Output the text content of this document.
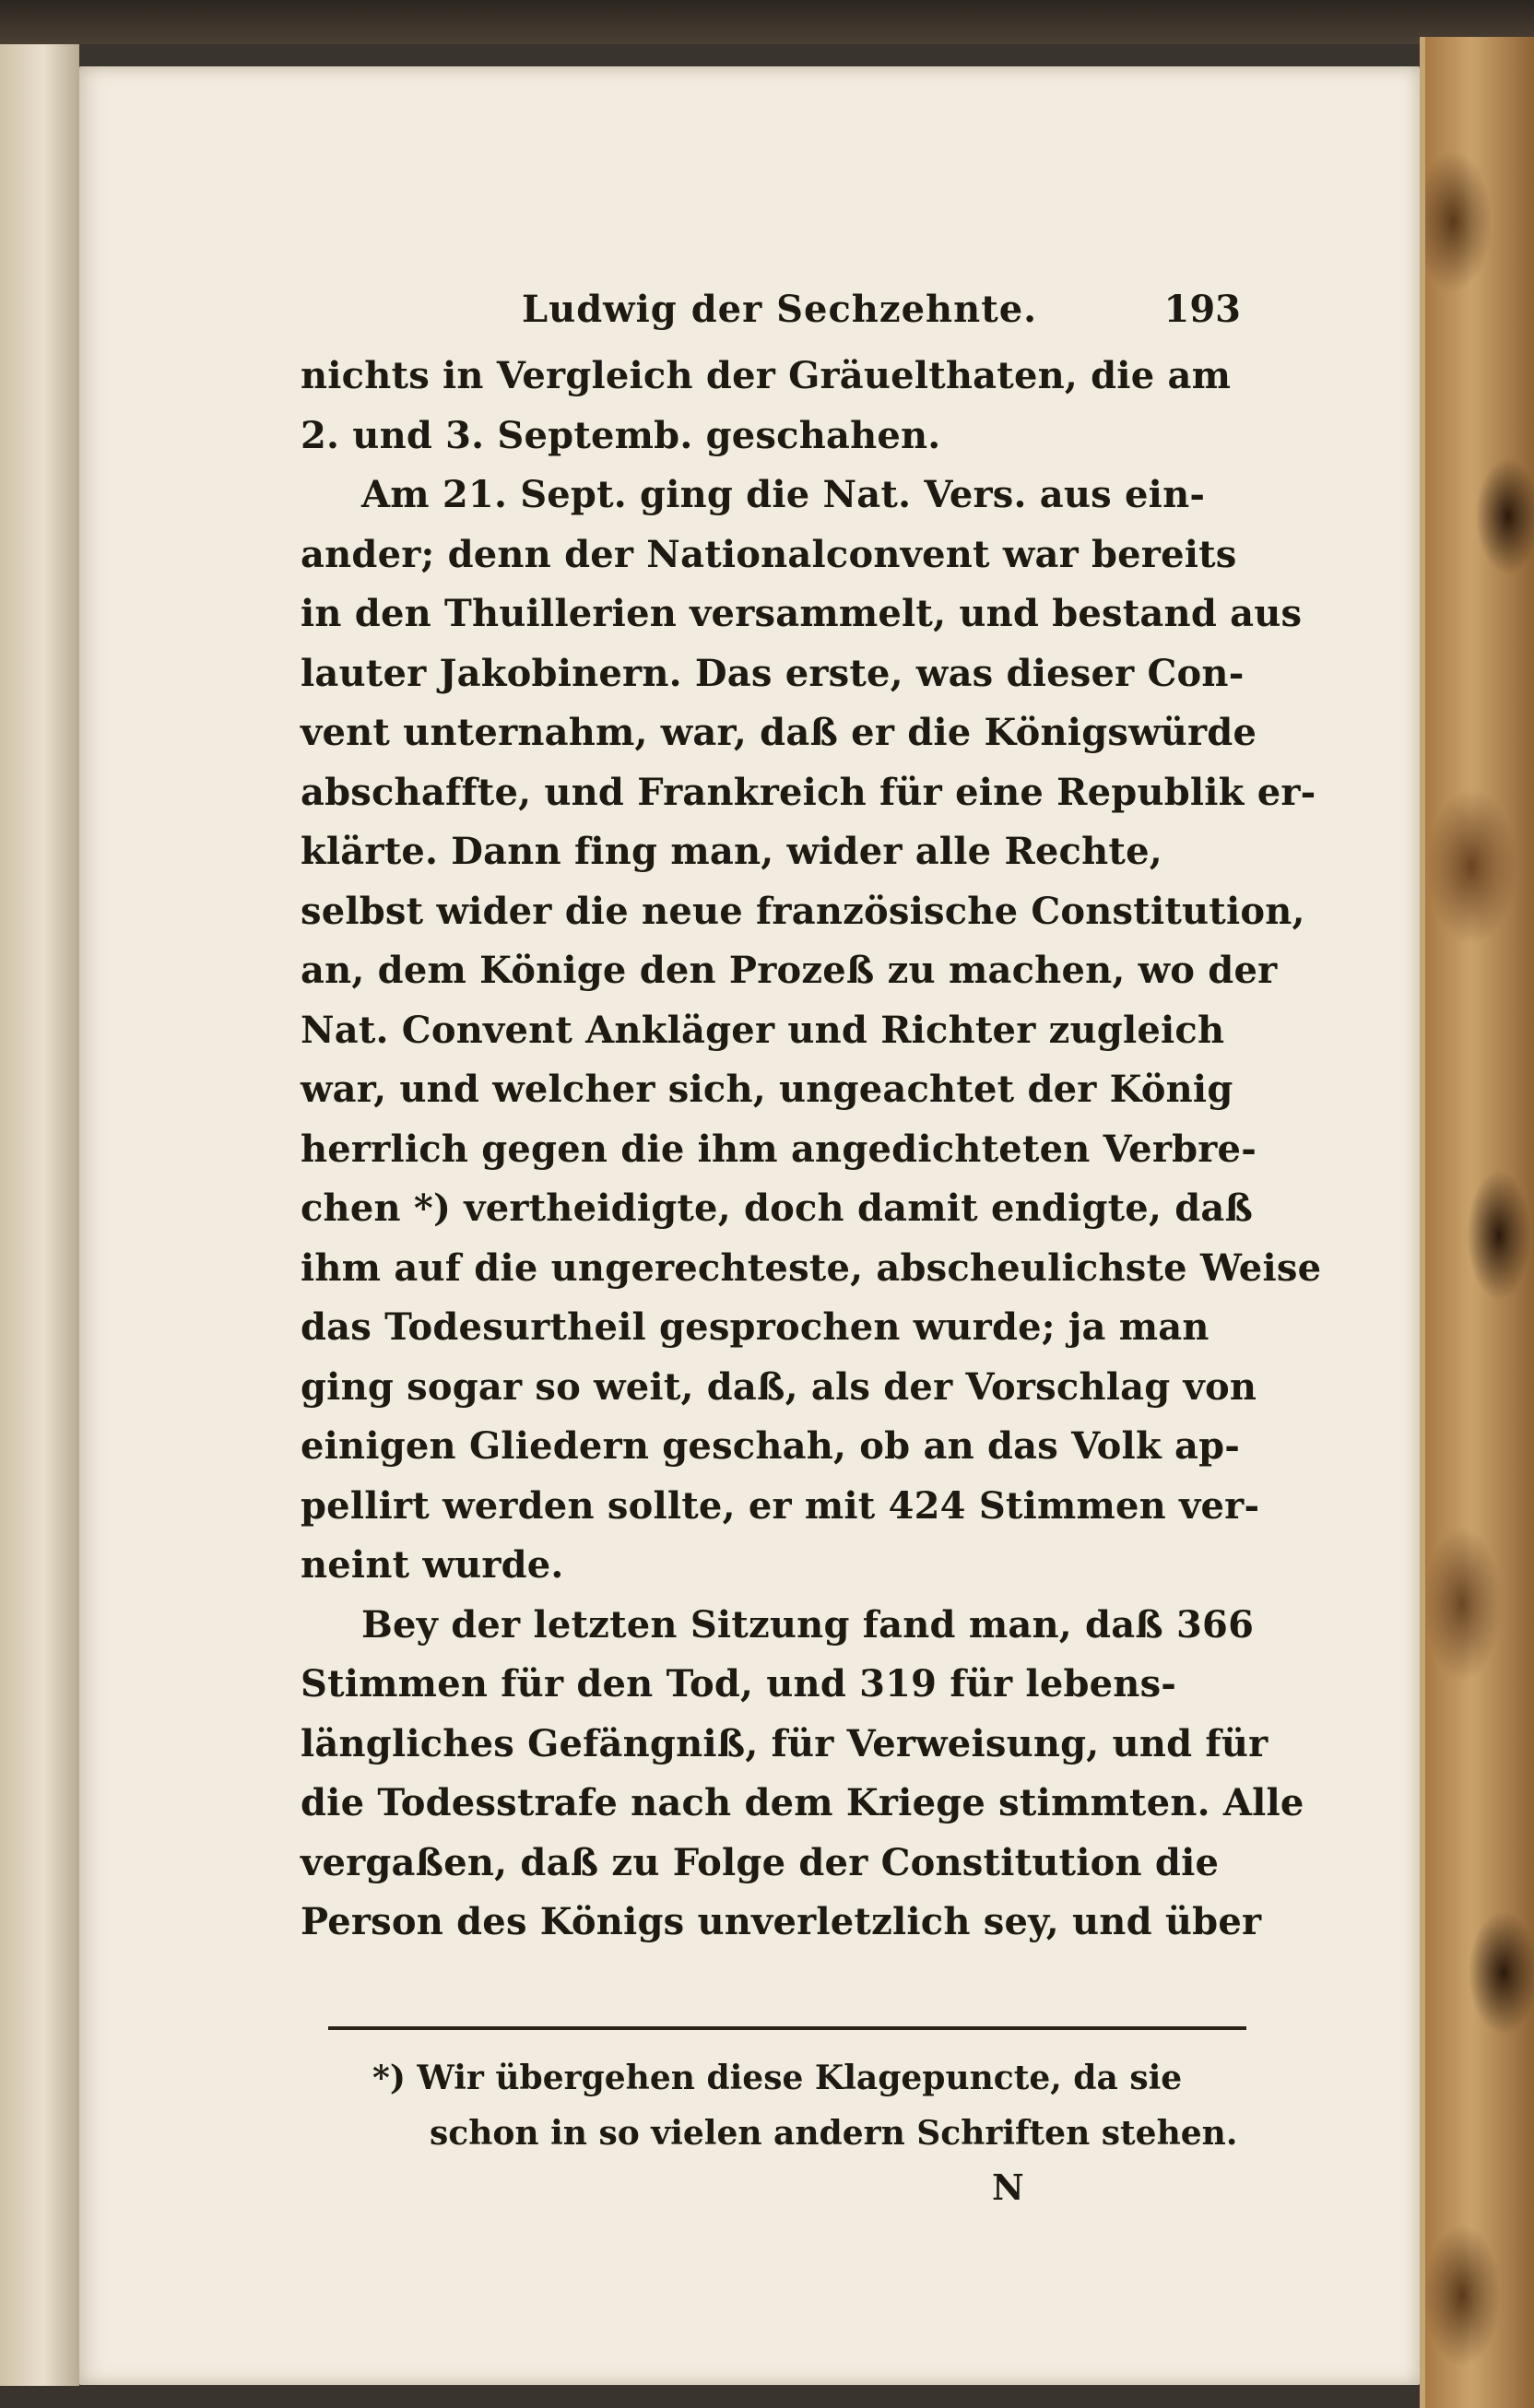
Ludwig der Sechzehnte.	193
nichts in Vergleich der Gräuelthaten, die am
2. und 3. Septemb. geschahen.
Am 21. Sept. ging die Nat. Vers. aus ein-
ander; denn der Nationalconvent war bereits
in den Thuillerien versammelt, und bestand aus
lauter Jakobinern. Das erste, was dieser Con-
vent unternahm, war, daß er die Königswürde
abschaffte, und Frankreich für eine Republik er-
klärte. Dann fing man, wider alle Rechte,
selbst wider die neue französische Constitution,
an, dem Könige den Prozeß zu machen, wo der
Nat. Convent Ankläger und Richter zugleich
war, und welcher sich, ungeachtet der König
herrlich gegen die ihm angedichteten Verbre-
chen *) vertheidigte, doch damit endigte, daß
ihm auf die ungerechteste, abscheulichste Weise
das Todesurtheil gesprochen wurde; ja man
ging sogar so weit, daß, als der Vorschlag von
einigen Gliedern geschah, ob an das Volk ap-
pellirt werden sollte, er mit 424 Stimmen ver-
neint wurde.
Bey der letzten Sitzung fand man, daß 366
Stimmen für den Tod, und 319 für lebens-
längliches Gefängniß, für Verweisung, und für
die Todesstrafe nach dem Kriege stimmten. Alle
vergaßen, daß zu Folge der Constitution die
Person des Königs unverletzlich sey, und über
*) Wir übergehen diese Klagepuncte, da sie
schon in so vielen andern Schriften stehen.
N
